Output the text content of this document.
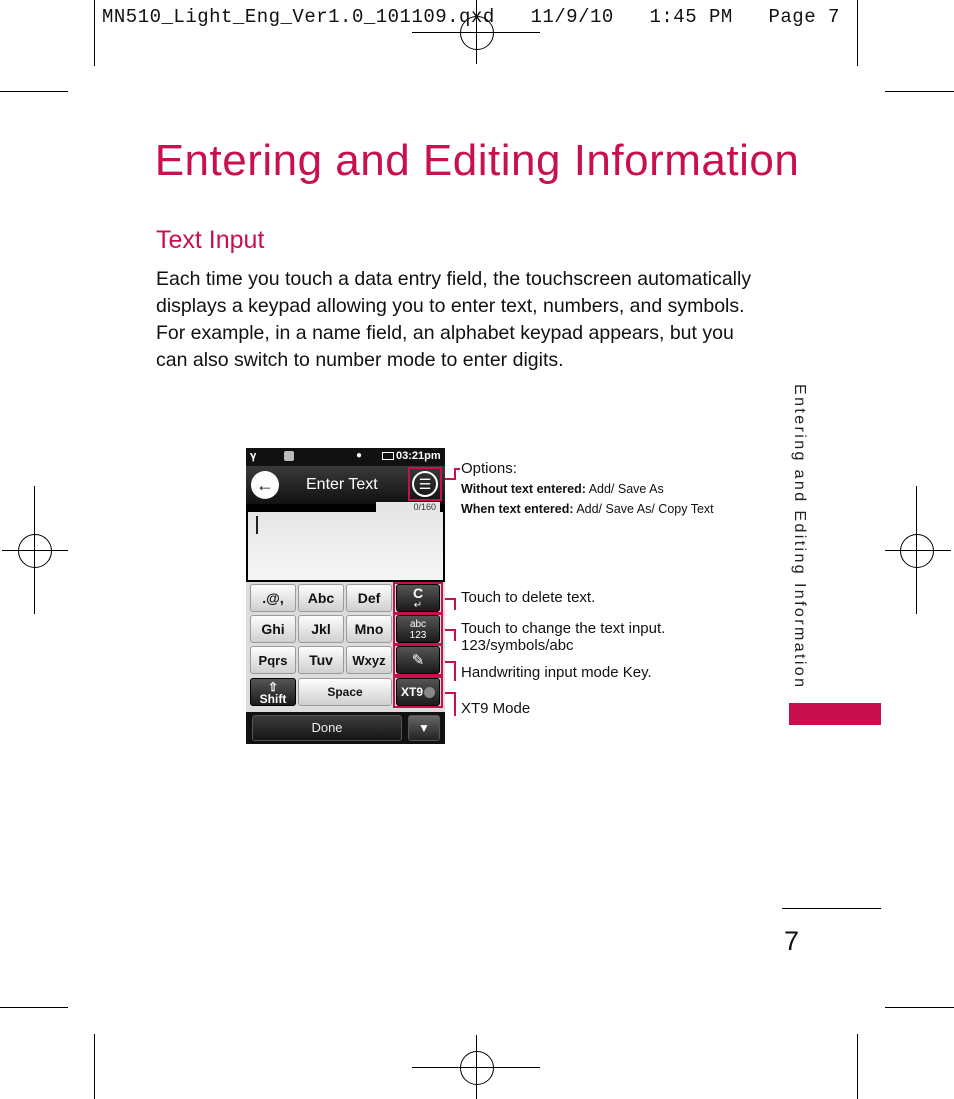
MN510_Light_Eng_Ver1.0_101109.qxd   11/9/10   1:45 PM   Page 7
Entering and Editing Information
Text Input
Each time you touch a data entry field, the touchscreen automatically displays a keypad allowing you to enter text, numbers, and symbols. For example, in a name field, an alphabet keypad appears, but you can also switch to number mode to enter digits.
Entering and Editing Information
7
𝛄	●	03:21pm
←	Enter Text	☰
0/160
.@,	Abc	Def	C
↵
Ghi	Jkl	Mno	abc
123
Pqrs	Tuv	Wxyz	✎
⇧
Shift	Space	XT9
Done	▼
Options:
Without text entered: Add/ Save As
When text entered: Add/ Save As/ Copy Text
Touch to delete text.
Touch to change the text input.
123/symbols/abc
Handwriting input mode Key.
XT9 Mode
